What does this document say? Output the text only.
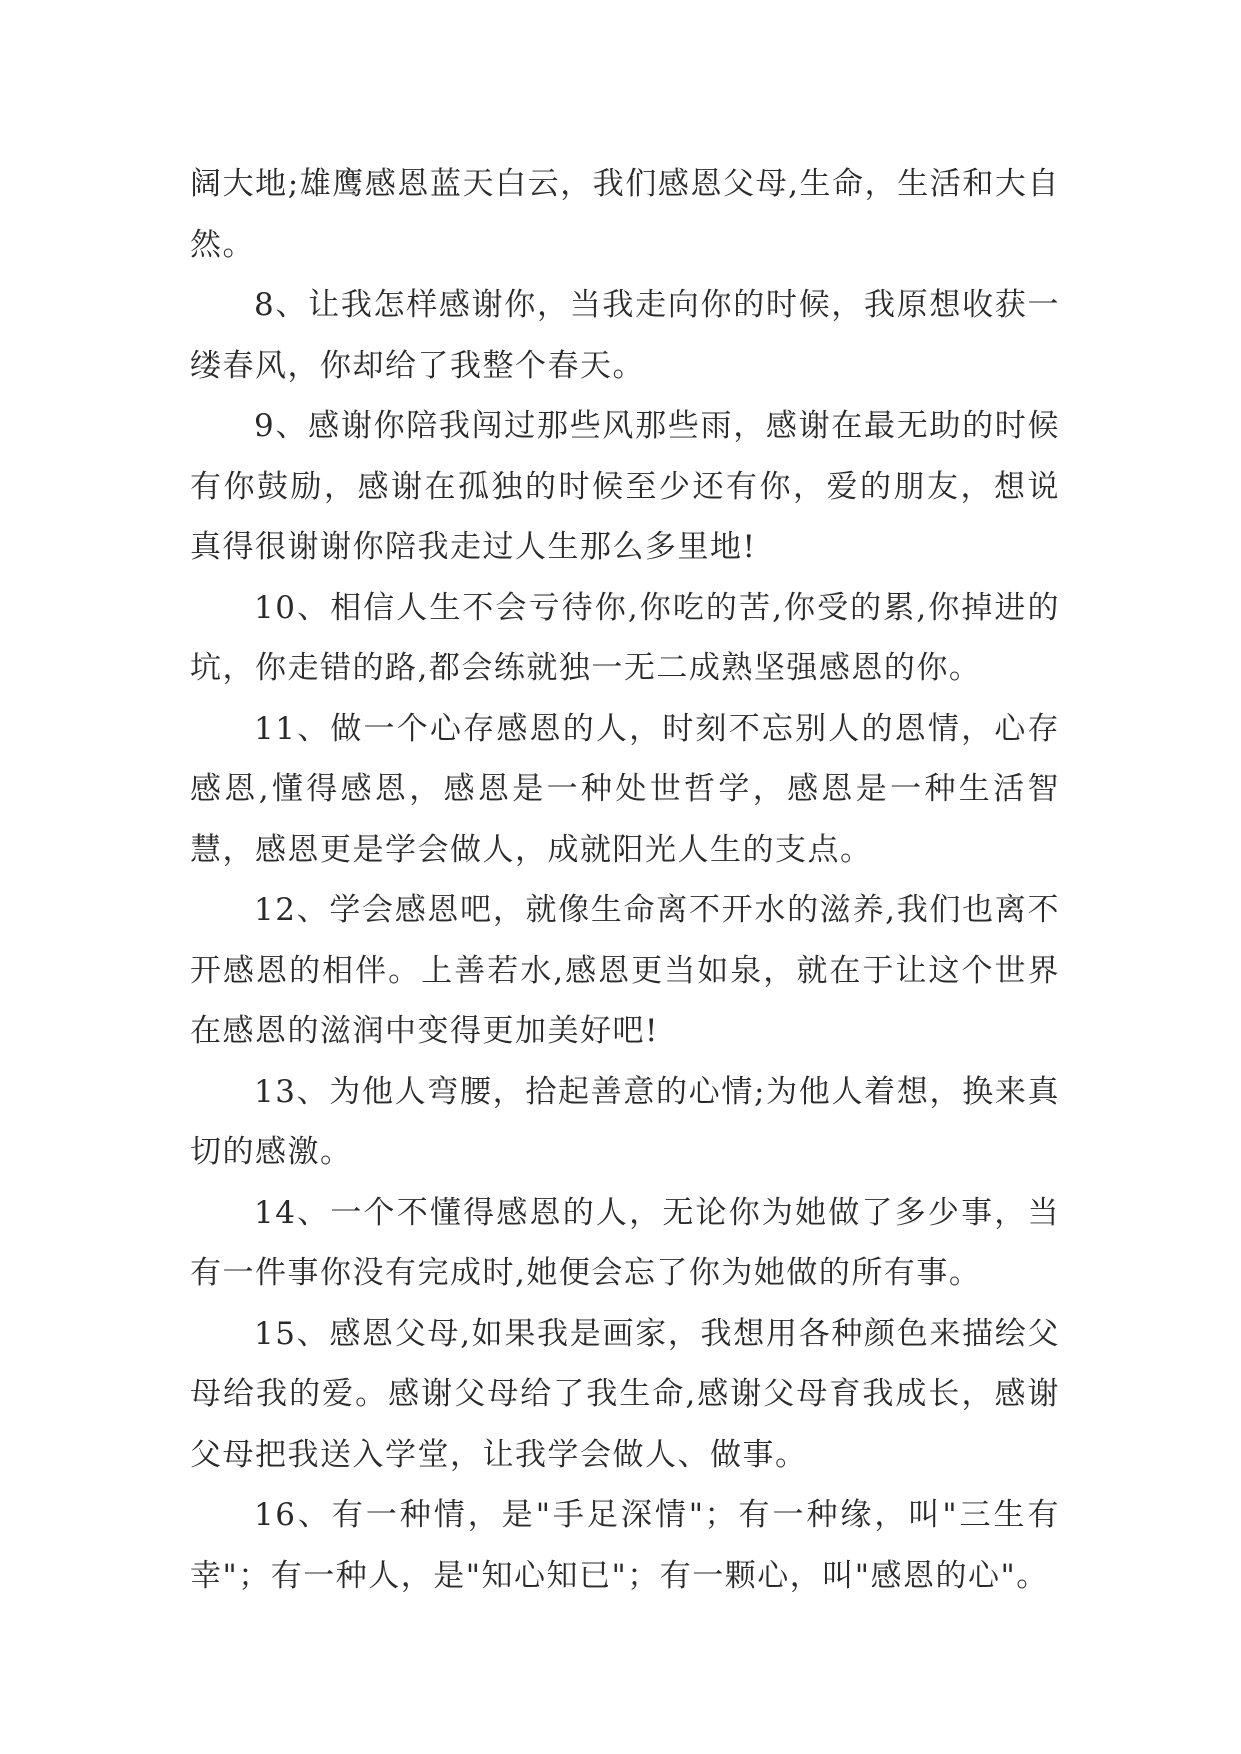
阔大地;雄鹰感恩蓝天白云，我们感恩父母,生命，生活和大自然。

8、让我怎样感谢你，当我走向你的时候，我原想收获一缕春风，你却给了我整个春天。

9、感谢你陪我闯过那些风那些雨，感谢在最无助的时候有你鼓励，感谢在孤独的时候至少还有你，爱的朋友，想说真得很谢谢你陪我走过人生那么多里地!

10、相信人生不会亏待你,你吃的苦,你受的累,你掉进的坑，你走错的路,都会练就独一无二成熟坚强感恩的你。

11、做一个心存感恩的人，时刻不忘别人的恩情，心存感恩,懂得感恩，感恩是一种处世哲学，感恩是一种生活智慧，感恩更是学会做人，成就阳光人生的支点。

12、学会感恩吧，就像生命离不开水的滋养,我们也离不开感恩的相伴。上善若水,感恩更当如泉，就在于让这个世界在感恩的滋润中变得更加美好吧!

13、为他人弯腰，拾起善意的心情;为他人着想，换来真切的感激。

14、一个不懂得感恩的人，无论你为她做了多少事，当有一件事你没有完成时,她便会忘了你为她做的所有事。

15、感恩父母,如果我是画家，我想用各种颜色来描绘父母给我的爱。感谢父母给了我生命,感谢父母育我成长，感谢父母把我送入学堂，让我学会做人、做事。

16、有一种情，是"手足深情"；有一种缘，叫"三生有幸"；有一种人，是"知心知已"；有一颗心，叫"感恩的心"。
